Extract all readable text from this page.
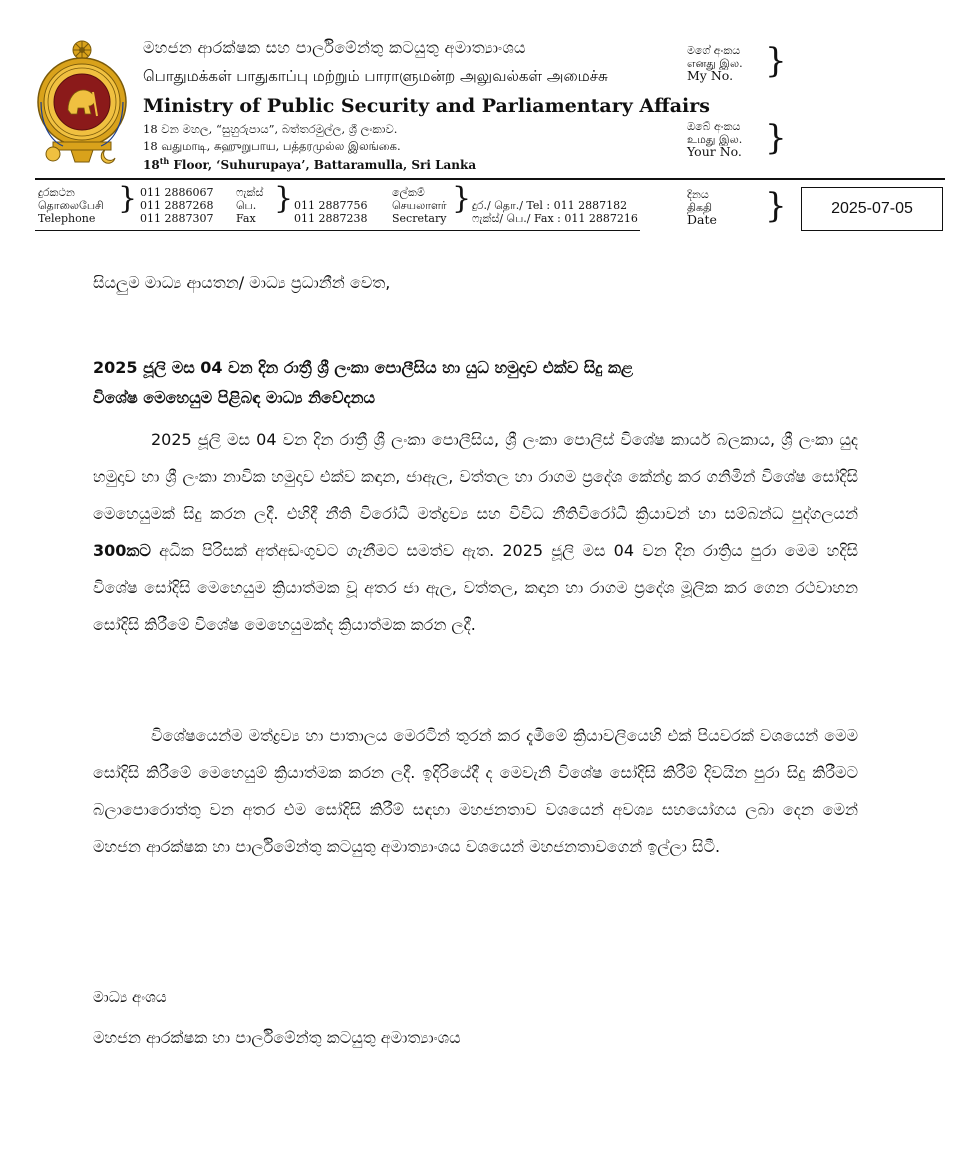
මහජන ආරක්ෂක සහ පාර්ලිමේන්තු කටයුතු අමාත්‍යාංශය
பொதுமக்கள் பாதுகாப்பு மற்றும் பாராளுமன்ற அலுவல்கள் அமைச்சு
Ministry of Public Security and Parliamentary Affairs
18 වන මහල, “සුහුරුපාය”, බත්තරමුල්ල, ශ්‍රී ලංකාව.
18 வதுமாடி, சுஹுறுபாய, பத்தரமுல்ல இலங்கை.
18th Floor, ‘Suhurupaya’, Battaramulla, Sri Lanka
මගේ අංකය
எனது இல.
My No. }
ඔබේ අංකය
உமது இல.
Your No. }
දුරකථන
தொலைபேசி
Telephone
} 011 2886067
011 2887268
011 2887307
ෆැක්ස්
பெ.
Fax
} 011 2887756
011 2887238
ලේකම්
செயலாளர்
Secretary
} දුර./ தொ./ Tel : 011 2887182
ෆැක්ස්/ பெ./ Fax : 011 2887216
දිනය
திகதி
Date }	2025-07-05
සියලුම මාධ්‍ය ආයතන/ මාධ්‍ය ප්‍රධානීන් වෙත,
2025 ජූලි මස 04 වන දින රාත්‍රී ශ්‍රී ලංකා පොලීසිය හා යුධ හමුදාව එක්ව සිදු කළ
විශේෂ මෙහෙයුම පිළිබඳ මාධ්‍ය නිවේදනය
2025 ජූලි මස 04 වන දින රාත්‍රී ශ්‍රී ලංකා පොලීසිය, ශ්‍රී ලංකා පොලිස් විශේෂ කාර්ය බලකාය, ශ්‍රී ලංකා යුද හමුදාව හා ශ්‍රී ලංකා නාවික හමුදාව එක්ව කඳාන, ජාඇල, වත්තල හා රාගම ප්‍රදේශ කේන්ද්‍ර කර ගනිමින් විශේෂ සෝදිසි මෙහෙයුමක් සිදු කරන ලදී. එහිදී නීති විරෝධී මත්ද්‍රව්‍ය සහ විවිධ නීතිවිරෝධී ක්‍රියාවන් හා සම්බන්ධ පුද්ගලයන් 300කට අධික පිරිසක් අත්අඩංගුවට ගැනීමට සමත්ව ඇත. 2025 ජූලි මස 04 වන දින රාත්‍රිය පුරා මෙම හදිසි විශේෂ සෝදිසි මෙහෙයුම ක්‍රියාත්මක වූ අතර ජා ඇල, වත්තල, කඳාන හා රාගම ප්‍රදේශ මූලික කර ගෙන රථවාහන සෝදිසි කිරීමේ විශේෂ මෙහෙයුමක්ද ක්‍රියාත්මක කරන ලදී.
විශේෂයෙන්ම මත්ද්‍රව්‍ය හා පාතාලය මෙරටින් තුරන් කර දැමීමේ ක්‍රියාවලියෙහි එක් පියවරක් වශයෙන් මෙම සෝදිසි කිරීමේ මෙහෙයුම් ක්‍රියාත්මක කරන ලදී. ඉදිරියේදී ද මෙවැනි විශේෂ සෝදිසි කිරීම් දිවයින පුරා සිදු කිරීමට බලාපොරොත්තු වන අතර එම සෝදිසි කිරීම් සඳහා මහජනතාව වශයෙන් අවශ්‍ය සහයෝගය ලබා දෙන මෙන් මහජන ආරක්ෂක හා පාර්ලිමේන්තු කටයුතු අමාත්‍යාංශය වශයෙන් මහජනතාවගෙන් ඉල්ලා සිටී.
මාධ්‍ය අංශය
මහජන ආරක්ෂක හා පාර්ලිමේන්තු කටයුතු අමාත්‍යාංශය
